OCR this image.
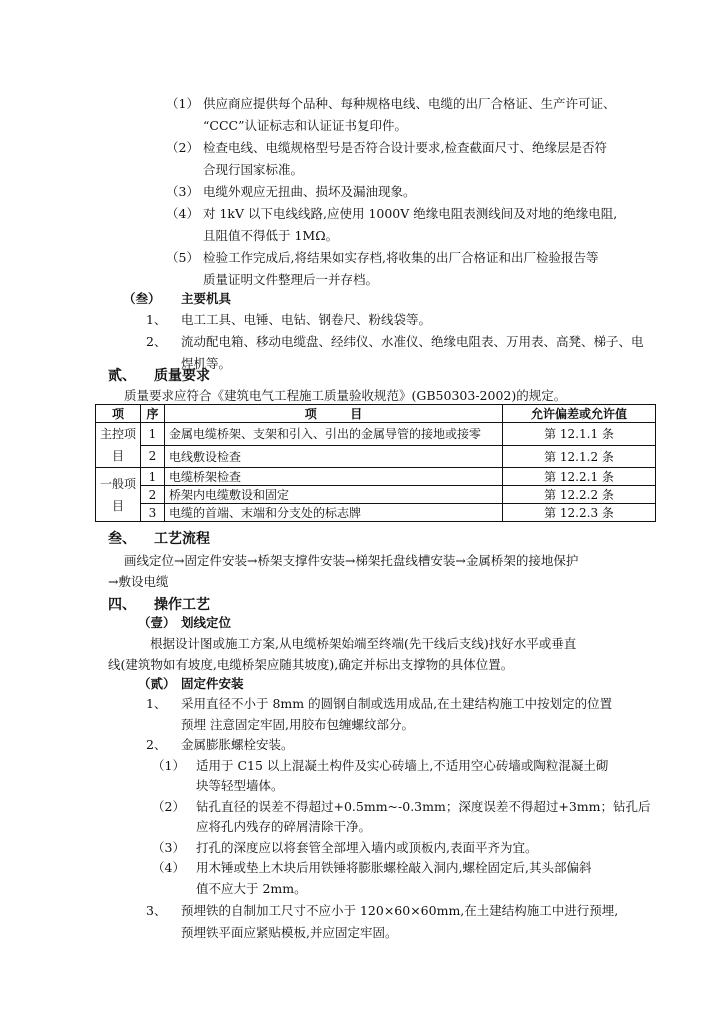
（1） 供应商应提供每个品种、每种规格电线、电缆的出厂合格证、生产许可证、
“CCC”认证标志和认证证书复印件。
（2） 检查电线、电缆规格型号是否符合设计要求,检查截面尺寸、绝缘层是否符
合现行国家标准。
（3） 电缆外观应无扭曲、损坏及漏油现象。
（4） 对 1kV 以下电线线路,应使用 1000V 绝缘电阻表测线间及对地的绝缘电阻,
且阻值不得低于 1MΩ。
（5） 检验工作完成后,将结果如实存档,将收集的出厂合格证和出厂检验报告等
质量证明文件整理后一并存档。
（叁） 主要机具
1、 电工工具、电锤、电钻、钢卷尺、粉线袋等。
2、 流动配电箱、移动电缆盘、经纬仪、水准仪、绝缘电阻表、万用表、高凳、梯子、电
焊机等。
贰、 质量要求
质量要求应符合《建筑电气工程施工质量验收规范》(GB50303-2002)的规定。
项	序	项        目	允许偏差或允许值
主控项目	1	金属电缆桥架、支架和引入、引出的金属导管的接地或接零	第 12.1.1 条
	2	电线敷设检查	第 12.1.2 条
一般项目	1	电缆桥架检查	第 12.2.1 条
	2	桥架内电缆敷设和固定	第 12.2.2 条
	3	电缆的首端、末端和分支处的标志牌	第 12.2.3 条
叁、 工艺流程
画线定位→固定件安装→桥架支撑件安装→梯架托盘线槽安装→金属桥架的接地保护
→敷设电缆
四、 操作工艺
（壹） 划线定位
根据设计图或施工方案,从电缆桥架始端至终端(先干线后支线)找好水平或垂直
线(建筑物如有坡度,电缆桥架应随其坡度),确定并标出支撑物的具体位置。
（贰） 固定件安装
1、 采用直径不小于 8mm 的圆钢自制或选用成品,在土建结构施工中按划定的位置
预埋 注意固定牢固,用胶布包缠螺纹部分。
2、 金属膨胀螺栓安装。
（1） 适用于 C15 以上混凝土构件及实心砖墙上,不适用空心砖墙或陶粒混凝土砌
块等轻型墙体。
（2） 钻孔直径的误差不得超过+0.5mm~-0.3mm；深度误差不得超过+3mm；钻孔后
应将孔内残存的碎屑清除干净。
（3） 打孔的深度应以将套管全部埋入墙内或顶板内,表面平齐为宜。
（4） 用木锤或垫上木块后用铁锤将膨胀螺栓敲入洞内,螺栓固定后,其头部偏斜
值不应大于 2mm。
3、 预埋铁的自制加工尺寸不应小于 120×60×60mm,在土建结构施工中进行预埋,
预埋铁平面应紧贴模板,并应固定牢固。
